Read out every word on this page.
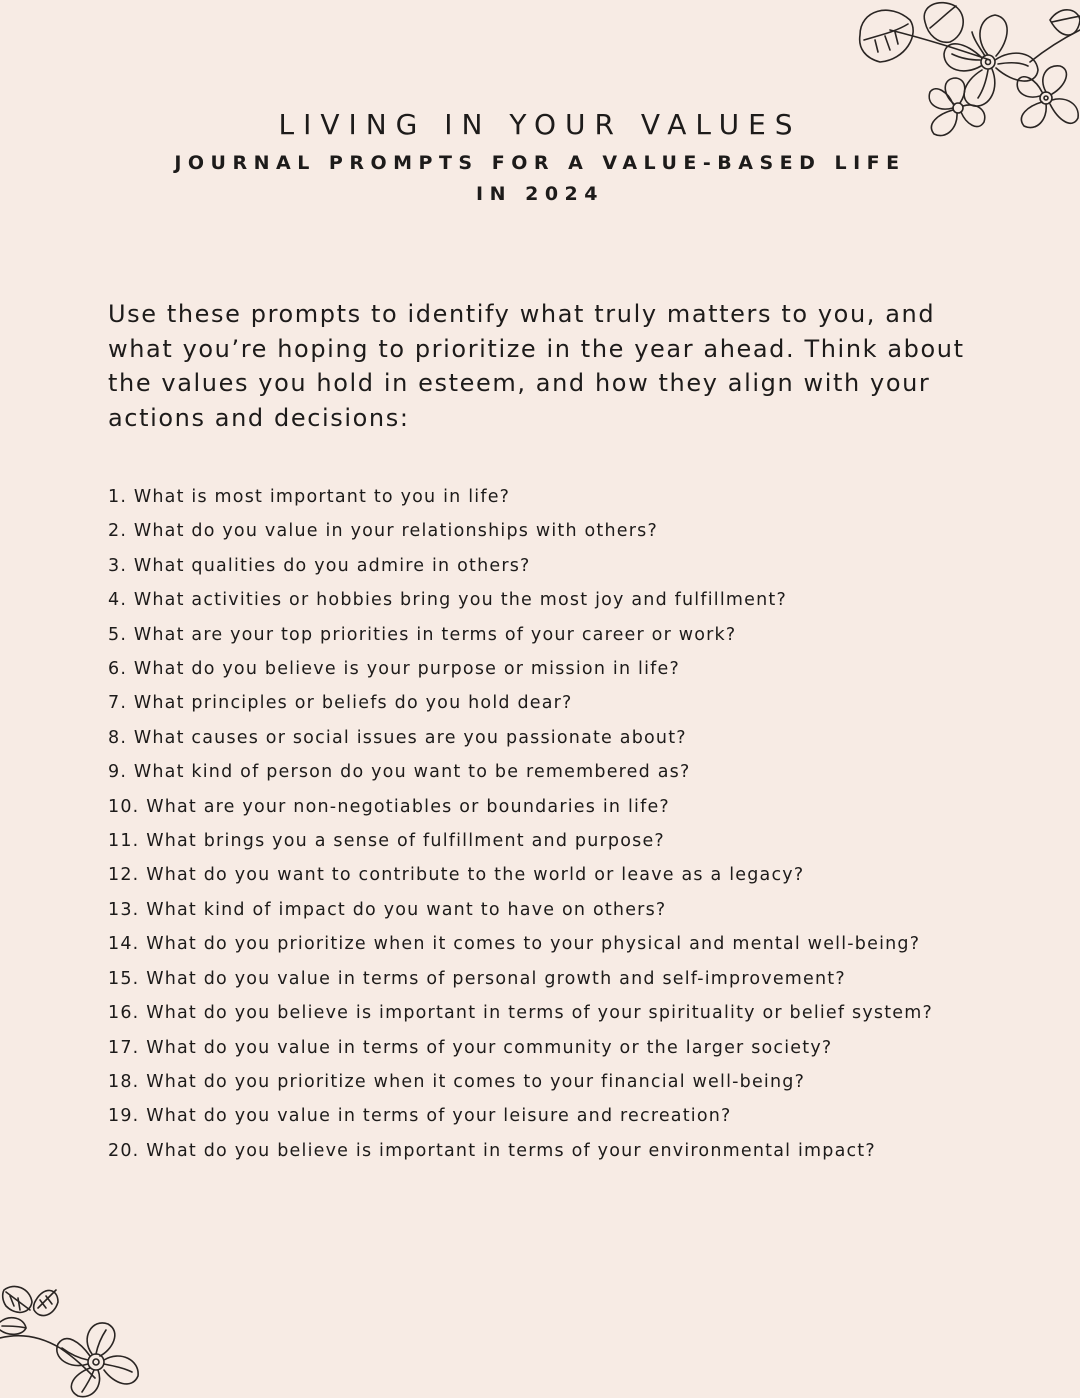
LIVING IN YOUR VALUES
JOURNAL PROMPTS FOR A VALUE-BASED LIFE IN 2024

Use these prompts to identify what truly matters to you, and what you’re hoping to prioritize in the year ahead. Think about the values you hold in esteem, and how they align with your actions and decisions:

1. What is most important to you in life?
2. What do you value in your relationships with others?
3. What qualities do you admire in others?
4. What activities or hobbies bring you the most joy and fulfillment?
5. What are your top priorities in terms of your career or work?
6. What do you believe is your purpose or mission in life?
7. What principles or beliefs do you hold dear?
8. What causes or social issues are you passionate about?
9. What kind of person do you want to be remembered as?
10. What are your non-negotiables or boundaries in life?
11. What brings you a sense of fulfillment and purpose?
12. What do you want to contribute to the world or leave as a legacy?
13. What kind of impact do you want to have on others?
14. What do you prioritize when it comes to your physical and mental well-being?
15. What do you value in terms of personal growth and self-improvement?
16. What do you believe is important in terms of your spirituality or belief system?
17. What do you value in terms of your community or the larger society?
18. What do you prioritize when it comes to your financial well-being?
19. What do you value in terms of your leisure and recreation?
20. What do you believe is important in terms of your environmental impact?
